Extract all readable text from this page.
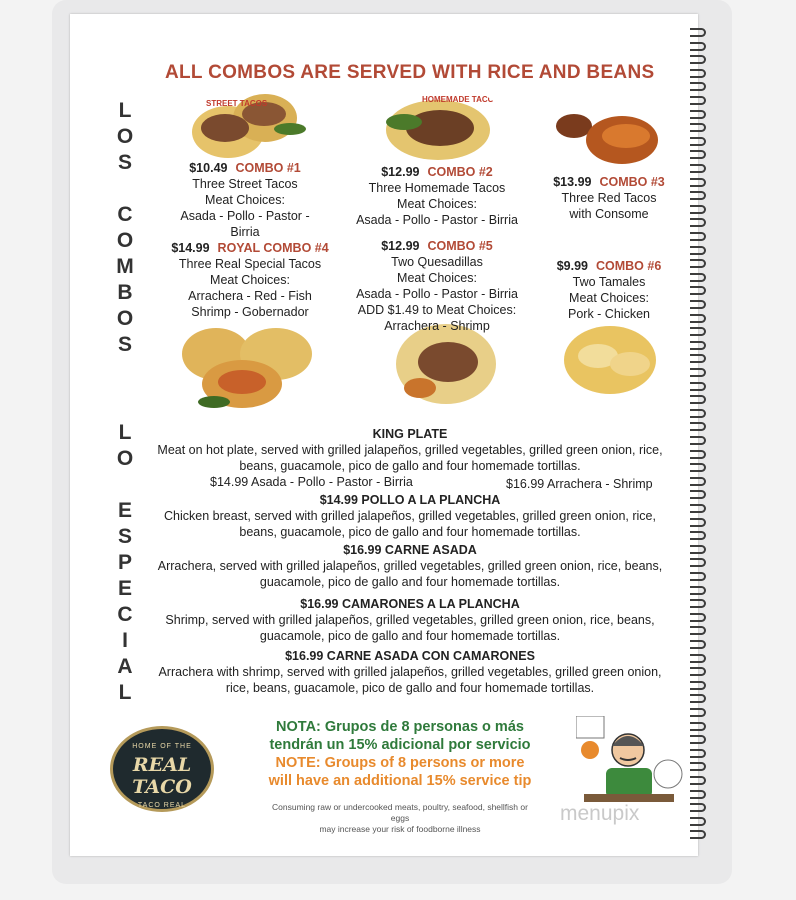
ALL COMBOS ARE SERVED WITH RICE AND BEANS
L
O
S
C
O
M
B
O
S
L
O
E
S
P
E
C
I
A
L
STREET TACOS	HOMEMADE TACOS
$10.49 COMBO #1
Three Street Tacos
Meat Choices:
Asada - Pollo - Pastor - Birria
$12.99 COMBO #2
Three Homemade Tacos
Meat Choices:
Asada - Pollo - Pastor - Birria
$13.99 COMBO #3
Three Red Tacos
with Consome
$14.99 ROYAL COMBO #4
Three Real Special Tacos
Meat Choices:
Arrachera - Red - Fish
Shrimp - Gobernador
$12.99 COMBO #5
Two Quesadillas
Meat Choices:
Asada - Pollo - Pastor - Birria
ADD $1.49 to Meat Choices:
Arrachera - Shrimp
$9.99 COMBO #6
Two Tamales
Meat Choices:
Pork - Chicken
KING PLATE
Meat on hot plate, served with grilled jalapeños, grilled vegetables, grilled green onion, rice,
beans, guacamole, pico de gallo and four homemade tortillas.
$14.99 Asada - Pollo - Pastor - Birria	$16.99 Arrachera - Shrimp
$14.99 POLLO A LA PLANCHA
Chicken breast, served with grilled jalapeños, grilled vegetables, grilled green onion, rice,
beans, guacamole, pico de gallo and four homemade tortillas.
$16.99 CARNE ASADA
Arrachera, served with grilled jalapeños, grilled vegetables, grilled green onion, rice, beans,
guacamole, pico de gallo and four homemade tortillas.
$16.99 CAMARONES A LA PLANCHA
Shrimp, served with grilled jalapeños, grilled vegetables, grilled green onion, rice, beans,
guacamole, pico de gallo and four homemade tortillas.
$16.99 CARNE ASADA CON CAMARONES
Arrachera with shrimp, served with grilled jalapeños, grilled vegetables, grilled green onion,
rice, beans, guacamole, pico de gallo and four homemade tortillas.
HOME OF THE
REAL TACO
TACO REAL
NOTA: Grupos de 8 personas o más
tendrán un 15% adicional por servicio
NOTE: Groups of 8 persons or more
will have an additional 15% service tip
Consuming raw or undercooked meats, poultry, seafood, shellfish or eggs
may increase your risk of foodborne illness
menupix
